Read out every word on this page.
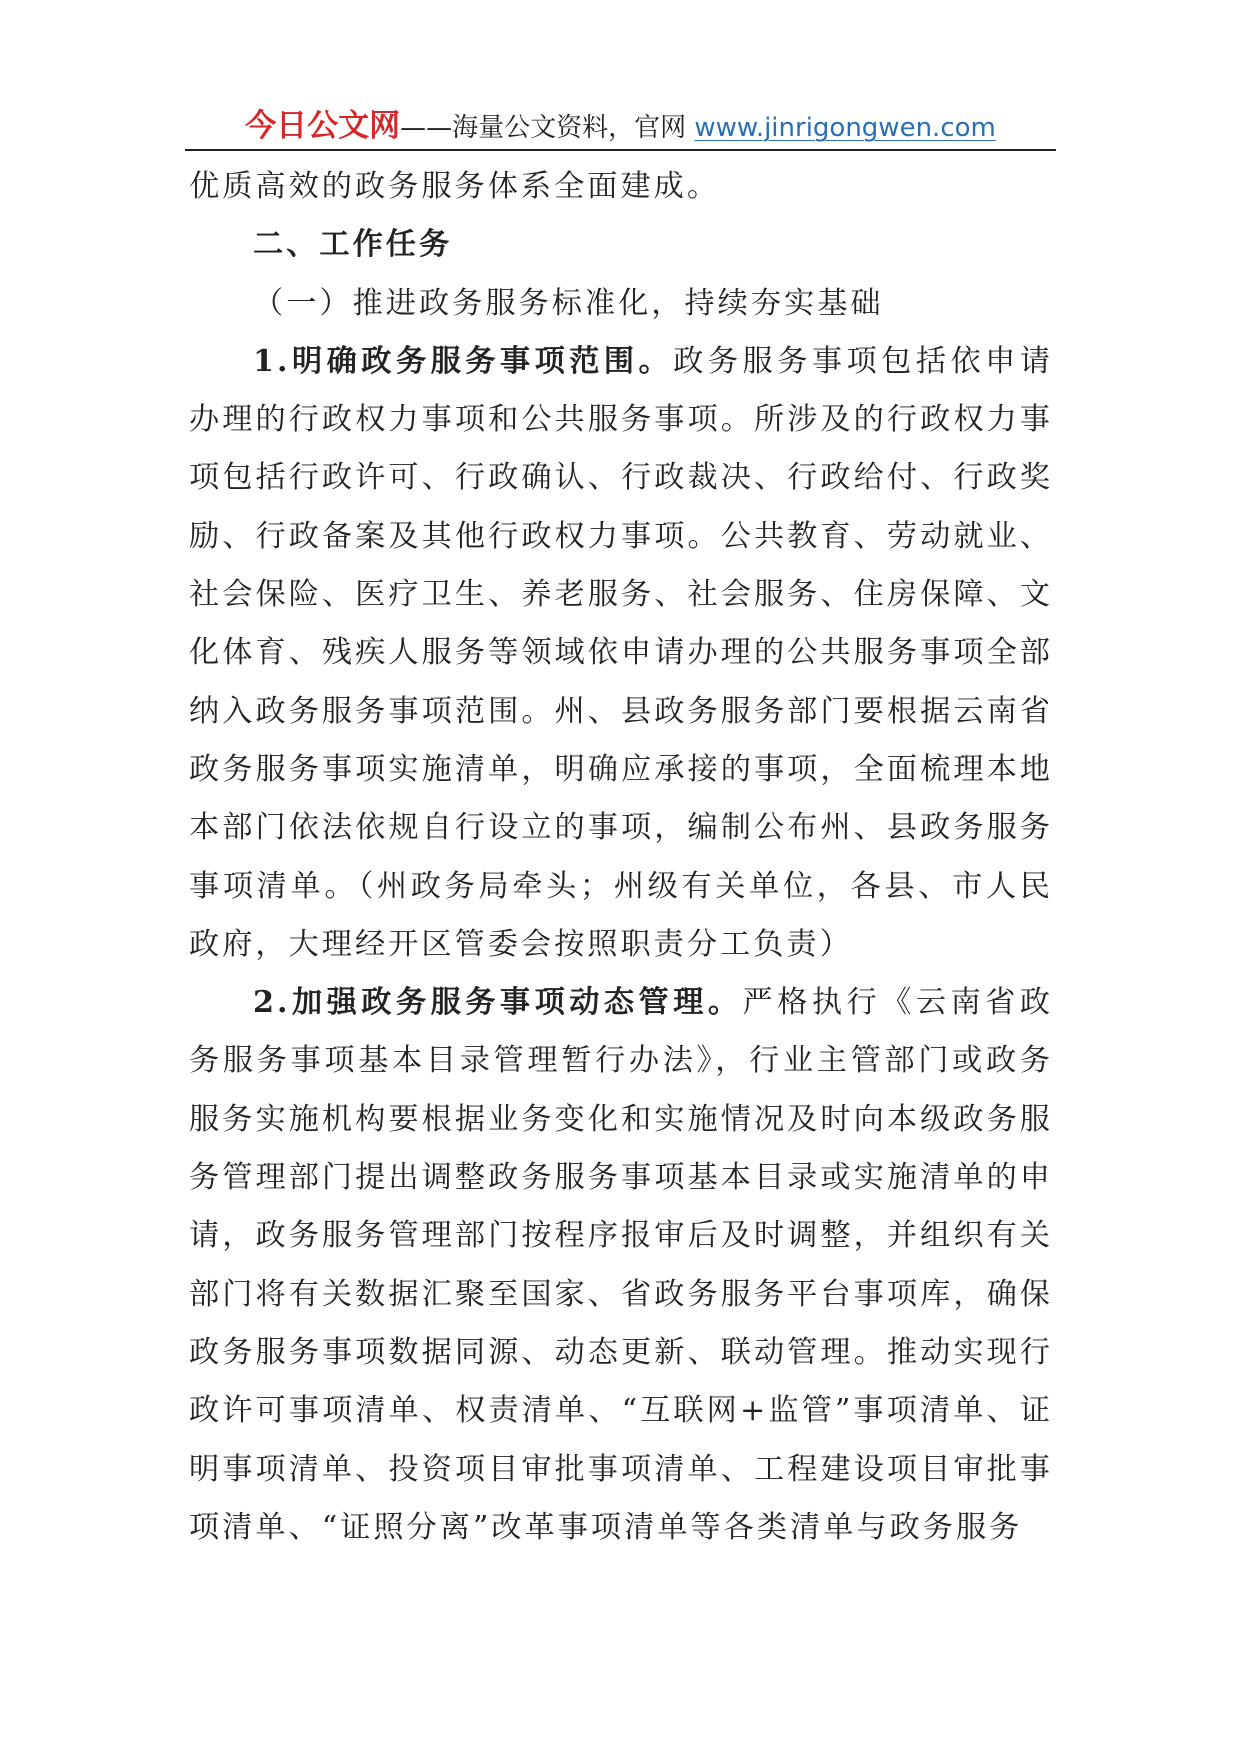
今日公文网——海量公文资料，官网 www.jinrigongwen.com

优质高效的政务服务体系全面建成。

二、工作任务

（一）推进政务服务标准化，持续夯实基础

1.明确政务服务事项范围。政务服务事项包括依申请办理的行政权力事项和公共服务事项。所涉及的行政权力事项包括行政许可、行政确认、行政裁决、行政给付、行政奖励、行政备案及其他行政权力事项。公共教育、劳动就业、社会保险、医疗卫生、养老服务、社会服务、住房保障、文化体育、残疾人服务等领域依申请办理的公共服务事项全部纳入政务服务事项范围。州、县政务服务部门要根据云南省政务服务事项实施清单，明确应承接的事项，全面梳理本地本部门依法依规自行设立的事项，编制公布州、县政务服务事项清单。（州政务局牵头；州级有关单位，各县、市人民政府，大理经开区管委会按照职责分工负责）

2.加强政务服务事项动态管理。严格执行《云南省政务服务事项基本目录管理暂行办法》，行业主管部门或政务服务实施机构要根据业务变化和实施情况及时向本级政务服务管理部门提出调整政务服务事项基本目录或实施清单的申请，政务服务管理部门按程序报审后及时调整，并组织有关部门将有关数据汇聚至国家、省政务服务平台事项库，确保政务服务事项数据同源、动态更新、联动管理。推动实现行政许可事项清单、权责清单、“互联网+监管”事项清单、证明事项清单、投资项目审批事项清单、工程建设项目审批事项清单、“证照分离”改革事项清单等各类清单与政务服务
